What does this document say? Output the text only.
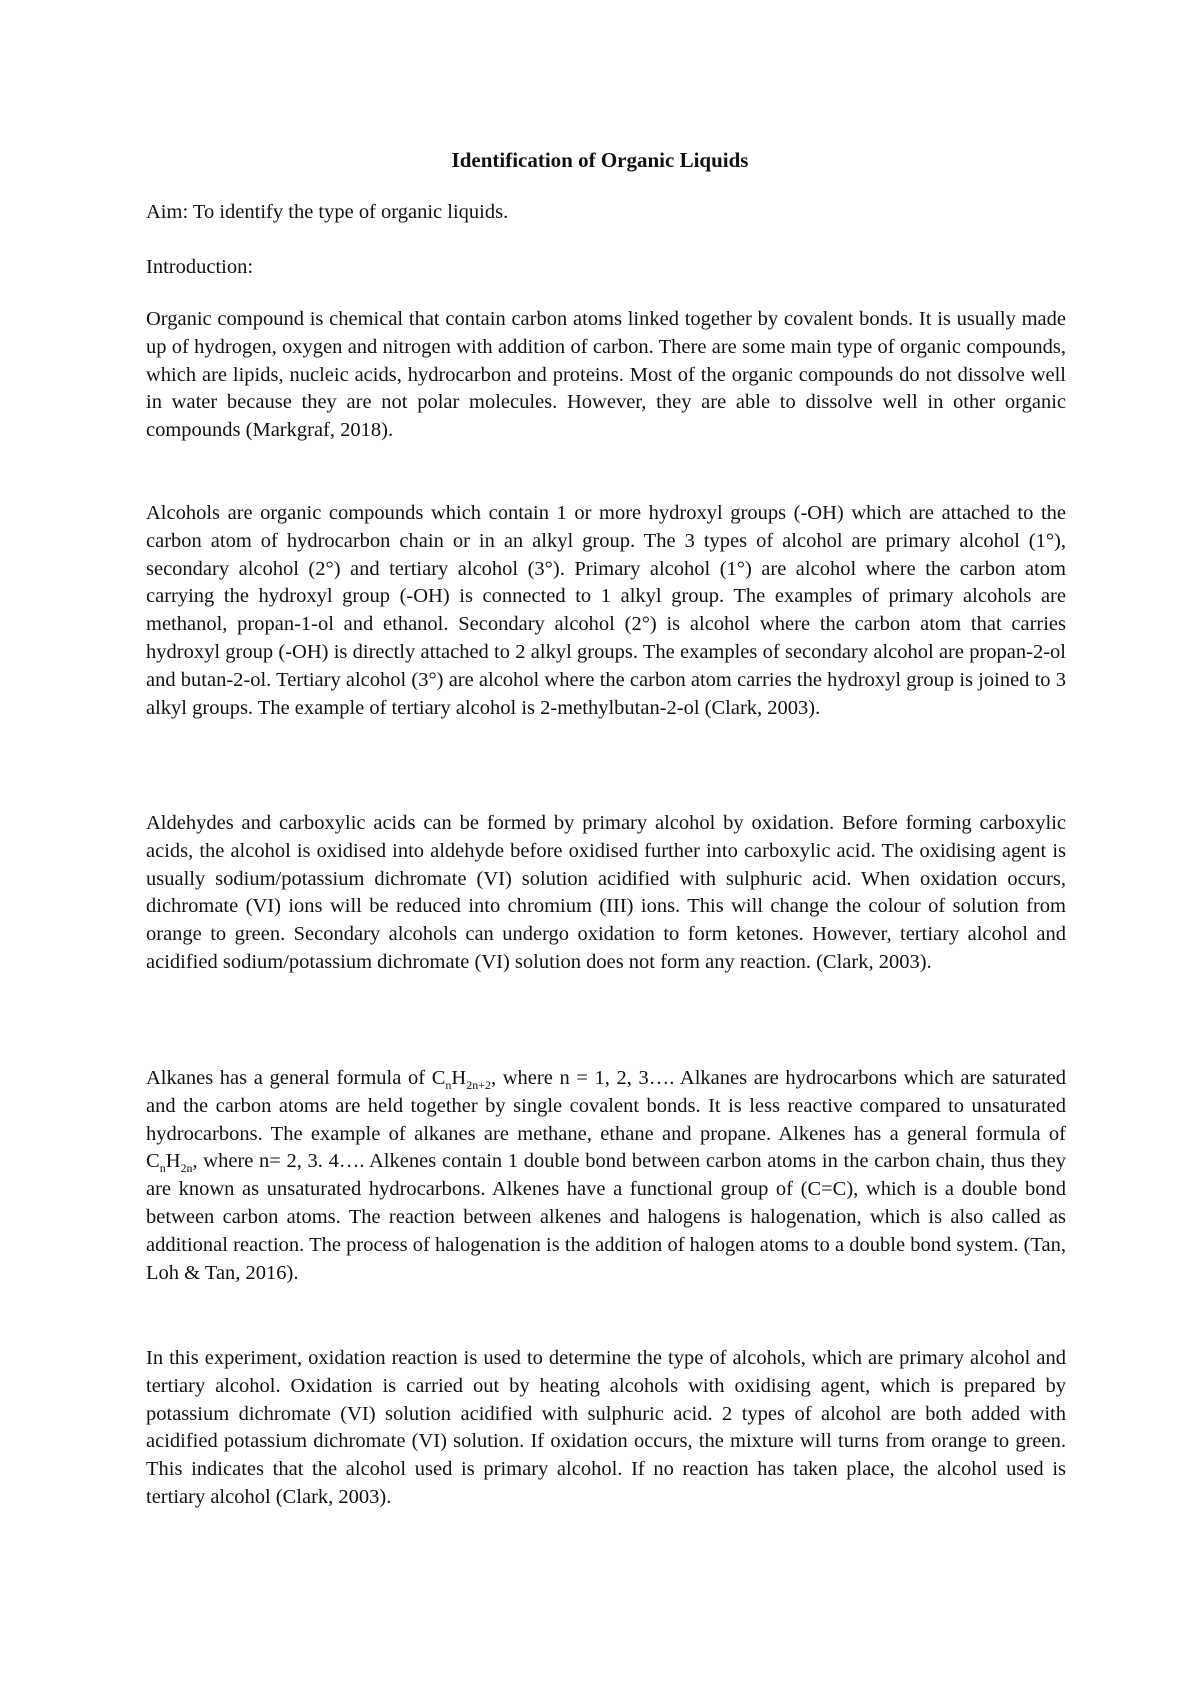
Identification of Organic Liquids

Aim: To identify the type of organic liquids.

Introduction:

Organic compound is chemical that contain carbon atoms linked together by covalent bonds. It is usually made up of hydrogen, oxygen and nitrogen with addition of carbon. There are some main type of organic compounds, which are lipids, nucleic acids, hydrocarbon and proteins. Most of the organic compounds do not dissolve well in water because they are not polar molecules. However, they are able to dissolve well in other organic compounds (Markgraf, 2018).

Alcohols are organic compounds which contain 1 or more hydroxyl groups (-OH) which are attached to the carbon atom of hydrocarbon chain or in an alkyl group. The 3 types of alcohol are primary alcohol (1°), secondary alcohol (2°) and tertiary alcohol (3°). Primary alcohol (1°) are alcohol where the carbon atom carrying the hydroxyl group (-OH) is connected to 1 alkyl group. The examples of primary alcohols are methanol, propan-1-ol and ethanol. Secondary alcohol (2°) is alcohol where the carbon atom that carries hydroxyl group (-OH) is directly attached to 2 alkyl groups. The examples of secondary alcohol are propan-2-ol and butan-2-ol. Tertiary alcohol (3°) are alcohol where the carbon atom carries the hydroxyl group is joined to 3 alkyl groups. The example of tertiary alcohol is 2-methylbutan-2-ol (Clark, 2003).

Aldehydes and carboxylic acids can be formed by primary alcohol by oxidation. Before forming carboxylic acids, the alcohol is oxidised into aldehyde before oxidised further into carboxylic acid. The oxidising agent is usually sodium/potassium dichromate (VI) solution acidified with sulphuric acid. When oxidation occurs, dichromate (VI) ions will be reduced into chromium (III) ions. This will change the colour of solution from orange to green. Secondary alcohols can undergo oxidation to form ketones. However, tertiary alcohol and acidified sodium/potassium dichromate (VI) solution does not form any reaction. (Clark, 2003).

Alkanes has a general formula of $C_nH_{2n+2}$, where n = 1, 2, 3…. Alkanes are hydrocarbons which are saturated and the carbon atoms are held together by single covalent bonds. It is less reactive compared to unsaturated hydrocarbons. The example of alkanes are methane, ethane and propane. Alkenes has a general formula of $C_nH_{2n}$, where n= 2, 3. 4…. Alkenes contain 1 double bond between carbon atoms in the carbon chain, thus they are known as unsaturated hydrocarbons. Alkenes have a functional group of (C=C), which is a double bond between carbon atoms. The reaction between alkenes and halogens is halogenation, which is also called as additional reaction. The process of halogenation is the addition of halogen atoms to a double bond system. (Tan, Loh & Tan, 2016).

In this experiment, oxidation reaction is used to determine the type of alcohols, which are primary alcohol and tertiary alcohol. Oxidation is carried out by heating alcohols with oxidising agent, which is prepared by potassium dichromate (VI) solution acidified with sulphuric acid. 2 types of alcohol are both added with acidified potassium dichromate (VI) solution. If oxidation occurs, the mixture will turns from orange to green. This indicates that the alcohol used is primary alcohol. If no reaction has taken place, the alcohol used is tertiary alcohol (Clark, 2003).
